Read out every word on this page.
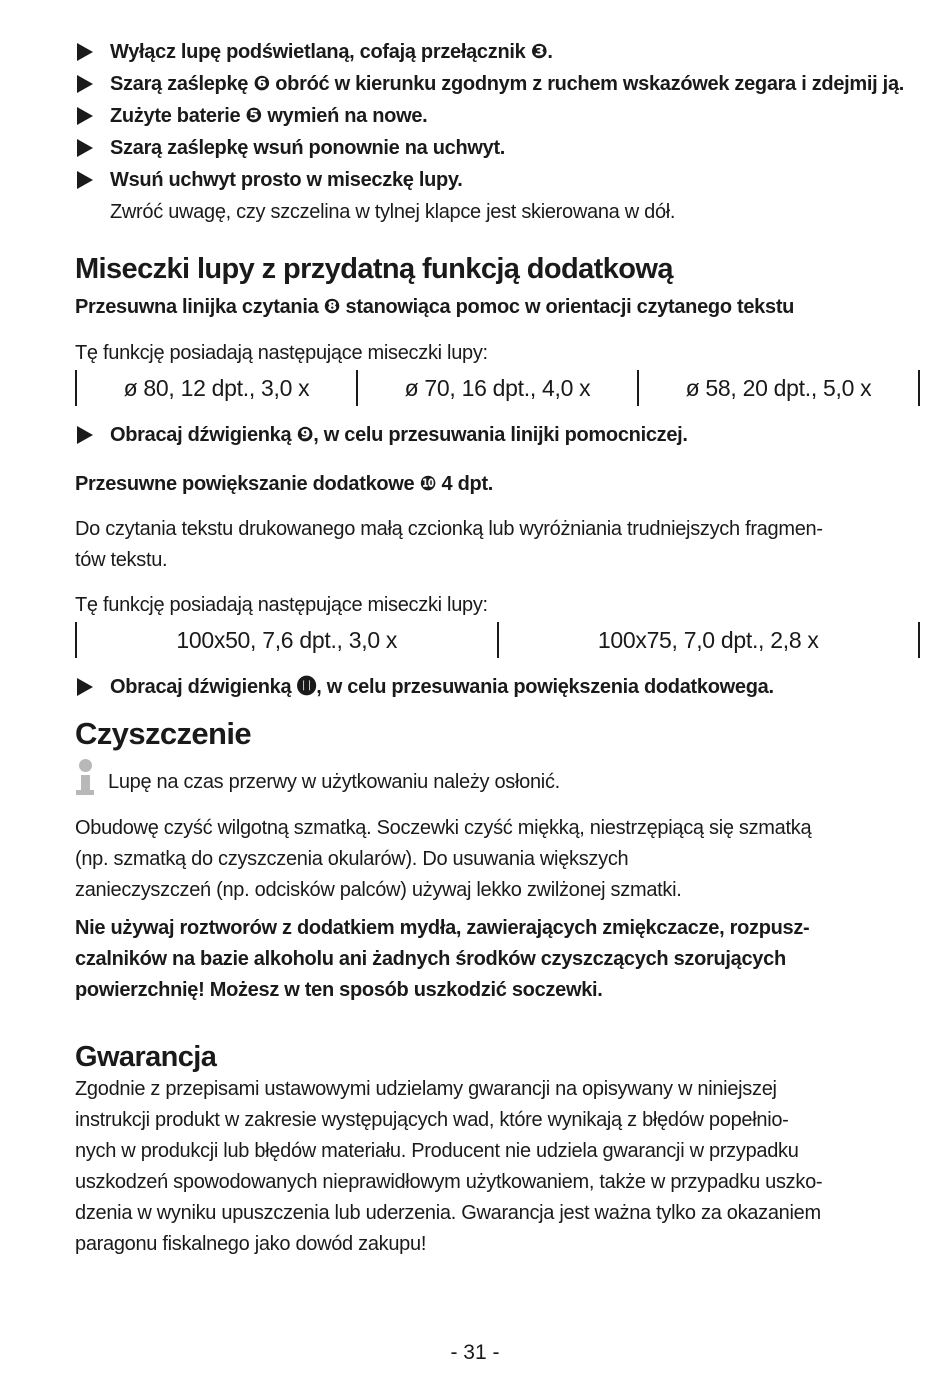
Wyłącz lupę podświetlaną, cofają przełącznik ❸.
Szarą zaślepkę ❻ obróć w kierunku zgodnym z ruchem wskazówek zegara i zdejmij ją.
Zużyte baterie ❺ wymień na nowe.
Szarą zaślepkę wsuń ponownie na uchwyt.
Wsuń uchwyt prosto w miseczkę lupy.
Zwróć uwagę, czy szczelina w tylnej klapce jest skierowana w dół.
Miseczki lupy z przydatną funkcją dodatkową
Przesuwna linijka czytania ❽ stanowiąca pomoc w orientacji czytanego tekstu
Tę funkcję posiadają następujące miseczki lupy:
ø 80, 12 dpt., 3,0 x	ø 70, 16 dpt., 4,0 x	ø 58, 20 dpt., 5,0 x
Obracaj dźwigienką ❾, w celu przesuwania linijki pomocniczej.
Przesuwne powiększanie dodatkowe ❿ 4 dpt.
Do czytania tekstu drukowanego małą czcionką lub wyróżniania trudniejszych fragmen-
tów tekstu.
Tę funkcję posiadają następujące miseczki lupy:
100x50, 7,6 dpt., 3,0 x	100x75, 7,0 dpt., 2,8 x
Obracaj dźwigienką ⓫, w celu przesuwania powiększenia dodatkowega.
Czyszczenie
Lupę na czas przerwy w użytkowaniu należy osłonić.
Obudowę czyść wilgotną szmatką. Soczewki czyść miękką, niestrzępiącą się szmatką
(np. szmatką do czyszczenia okularów). Do usuwania większych
zanieczyszczeń (np. odcisków palców) używaj lekko zwilżonej szmatki.
Nie używaj roztworów z dodatkiem mydła, zawierających zmiękczacze, rozpusz-
czalników na bazie alkoholu ani żadnych środków czyszczących szorujących
powierzchnię! Możesz w ten sposób uszkodzić soczewki.
Gwarancja
Zgodnie z przepisami ustawowymi udzielamy gwarancji na opisywany w niniejszej
instrukcji produkt w zakresie występujących wad, które wynikają z błędów popełnio-
nych w produkcji lub błędów materiału. Producent nie udziela gwarancji w przypadku
uszkodzeń spowodowanych nieprawidłowym użytkowaniem, także w przypadku uszko-
dzenia w wyniku upuszczenia lub uderzenia. Gwarancja jest ważna tylko za okazaniem
paragonu fiskalnego jako dowód zakupu!
- 31 -
